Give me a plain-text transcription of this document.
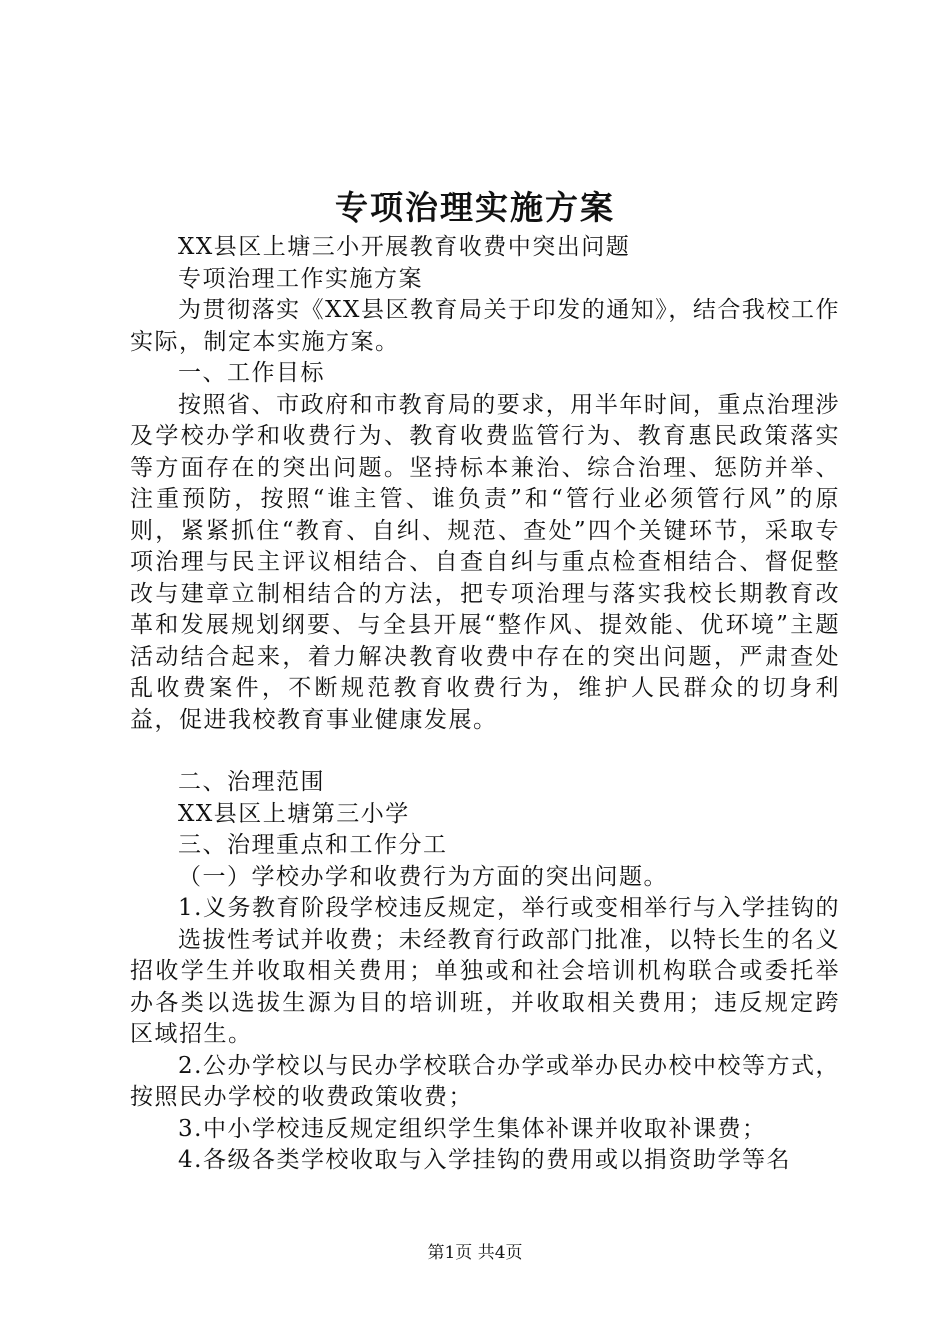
专项治理实施方案

XX县区上塘三小开展教育收费中突出问题

专项治理工作实施方案

为贯彻落实《XX县区教育局关于印发的通知》，结合我校工作实际，制定本实施方案。

一、工作目标

按照省、市政府和市教育局的要求，用半年时间，重点治理涉及学校办学和收费行为、教育收费监管行为、教育惠民政策落实等方面存在的突出问题。坚持标本兼治、综合治理、惩防并举、注重预防，按照“谁主管、谁负责”和“管行业必须管行风”的原则，紧紧抓住“教育、自纠、规范、查处”四个关键环节，采取专项治理与民主评议相结合、自查自纠与重点检查相结合、督促整改与建章立制相结合的方法，把专项治理与落实我校长期教育改革和发展规划纲要、与全县开展“整作风、提效能、优环境”主题活动结合起来，着力解决教育收费中存在的突出问题，严肃查处乱收费案件，不断规范教育收费行为，维护人民群众的切身利益，促进我校教育事业健康发展。

二、治理范围

XX县区上塘第三小学

三、治理重点和工作分工

（一）学校办学和收费行为方面的突出问题。

1.义务教育阶段学校违反规定，举行或变相举行与入学挂钩的

选拔性考试并收费；未经教育行政部门批准，以特长生的名义招收学生并收取相关费用；单独或和社会培训机构联合或委托举办各类以选拔生源为目的培训班，并收取相关费用；违反规定跨区域招生。

2.公办学校以与民办学校联合办学或举办民办校中校等方式，按照民办学校的收费政策收费；

3.中小学校违反规定组织学生集体补课并收取补课费；

4.各级各类学校收取与入学挂钩的费用或以捐资助学等名

第1页 共4页
